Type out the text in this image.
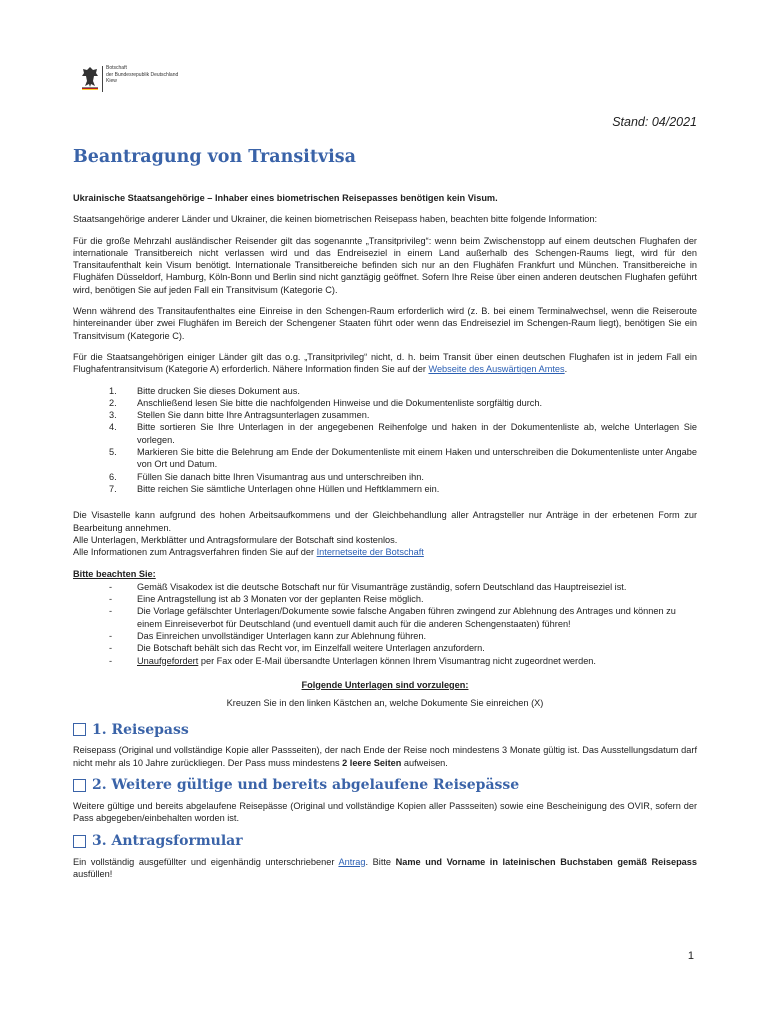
Botschaft
der Bundesrepublik Deutschland
Kiew
Stand: 04/2021
Beantragung von Transitvisa

Ukrainische Staatsangehörige – Inhaber eines biometrischen Reisepasses benötigen kein Visum.

Staatsangehörige anderer Länder und Ukrainer, die keinen biometrischen Reisepass haben, beachten bitte folgende Information:

Für die große Mehrzahl ausländischer Reisender gilt das sogenannte „Transitprivileg“: wenn beim Zwischenstopp auf einem deutschen Flughafen der internationale Transitbereich nicht verlassen wird und das Endreiseziel in einem Land außerhalb des Schengen-Raums liegt, wird für den Transitaufenthalt kein Visum benötigt. Internationale Transitbereiche befinden sich nur an den Flughäfen Frankfurt und München. Transitbereiche in Flughäfen Düsseldorf, Hamburg, Köln-Bonn und Berlin sind nicht ganztägig geöffnet. Sofern Ihre Reise über einen anderen deutschen Flughafen geführt wird, benötigen Sie auf jeden Fall ein Transitvisum (Kategorie C).

Wenn während des Transitaufenthaltes eine Einreise in den Schengen-Raum erforderlich wird (z. B. bei einem Terminalwechsel, wenn die Reiseroute hintereinander über zwei Flughäfen im Bereich der Schengener Staaten führt oder wenn das Endreiseziel im Schengen-Raum liegt), benötigen Sie ein Transitvisum (Kategorie C).

Für die Staatsangehörigen einiger Länder gilt das o.g. „Transitprivileg“ nicht, d. h. beim Transit über einen deutschen Flughafen ist in jedem Fall ein Flughafentransitvisum (Kategorie A) erforderlich. Nähere Information finden Sie auf der Webseite des Auswärtigen Amtes.

1.	Bitte drucken Sie dieses Dokument aus.
2.	Anschließend lesen Sie bitte die nachfolgenden Hinweise und die Dokumentenliste sorgfältig durch.
3.	Stellen Sie dann bitte Ihre Antragsunterlagen zusammen.
4.	Bitte sortieren Sie Ihre Unterlagen in der angegebenen Reihenfolge und haken in der Dokumentenliste ab, welche Unterlagen Sie vorlegen.
5.	Markieren Sie bitte die Belehrung am Ende der Dokumentenliste mit einem Haken und unterschreiben die Dokumentenliste unter Angabe von Ort und Datum.
6.	Füllen Sie danach bitte Ihren Visumantrag aus und unterschreiben ihn.
7.	Bitte reichen Sie sämtliche Unterlagen ohne Hüllen und Heftklammern ein.
Die Visastelle kann aufgrund des hohen Arbeitsaufkommens und der Gleichbehandlung aller Antragsteller nur Anträge in der erbetenen Form zur Bearbeitung annehmen.
Alle Unterlagen, Merkblätter und Antragsformulare der Botschaft sind kostenlos.
Alle Informationen zum Antragsverfahren finden Sie auf der Internetseite der Botschaft
Bitte beachten Sie:
-	Gemäß Visakodex ist die deutsche Botschaft nur für Visumanträge zuständig, sofern Deutschland das Hauptreiseziel ist.
-	Eine Antragstellung ist ab 3 Monaten vor der geplanten Reise möglich.
-	Die Vorlage gefälschter Unterlagen/Dokumente sowie falsche Angaben führen zwingend zur Ablehnung des Antrages und können zu einem Einreiseverbot für Deutschland (und eventuell damit auch für die anderen Schengenstaaten) führen!
-	Das Einreichen unvollständiger Unterlagen kann zur Ablehnung führen.
-	Die Botschaft behält sich das Recht vor, im Einzelfall weitere Unterlagen anzufordern.
-	Unaufgefordert per Fax oder E-Mail übersandte Unterlagen können Ihrem Visumantrag nicht zugeordnet werden.
Folgende Unterlagen sind vorzulegen:
Kreuzen Sie in den linken Kästchen an, welche Dokumente Sie einreichen (X)
1. Reisepass

Reisepass (Original und vollständige Kopie aller Passseiten), der nach Ende der Reise noch mindestens 3 Monate gültig ist. Das Ausstellungsdatum darf nicht mehr als 10 Jahre zurückliegen. Der Pass muss mindestens 2 leere Seiten aufweisen.

2. Weitere gültige und bereits abgelaufene Reisepässe

Weitere gültige und bereits abgelaufene Reisepässe (Original und vollständige Kopien aller Passseiten) sowie eine Bescheinigung des OVIR, sofern der Pass abgegeben/einbehalten worden ist.

3. Antragsformular

Ein vollständig ausgefüllter und eigenhändig unterschriebener Antrag. Bitte Name und Vorname in lateinischen Buchstaben gemäß Reisepass ausfüllen!

1
